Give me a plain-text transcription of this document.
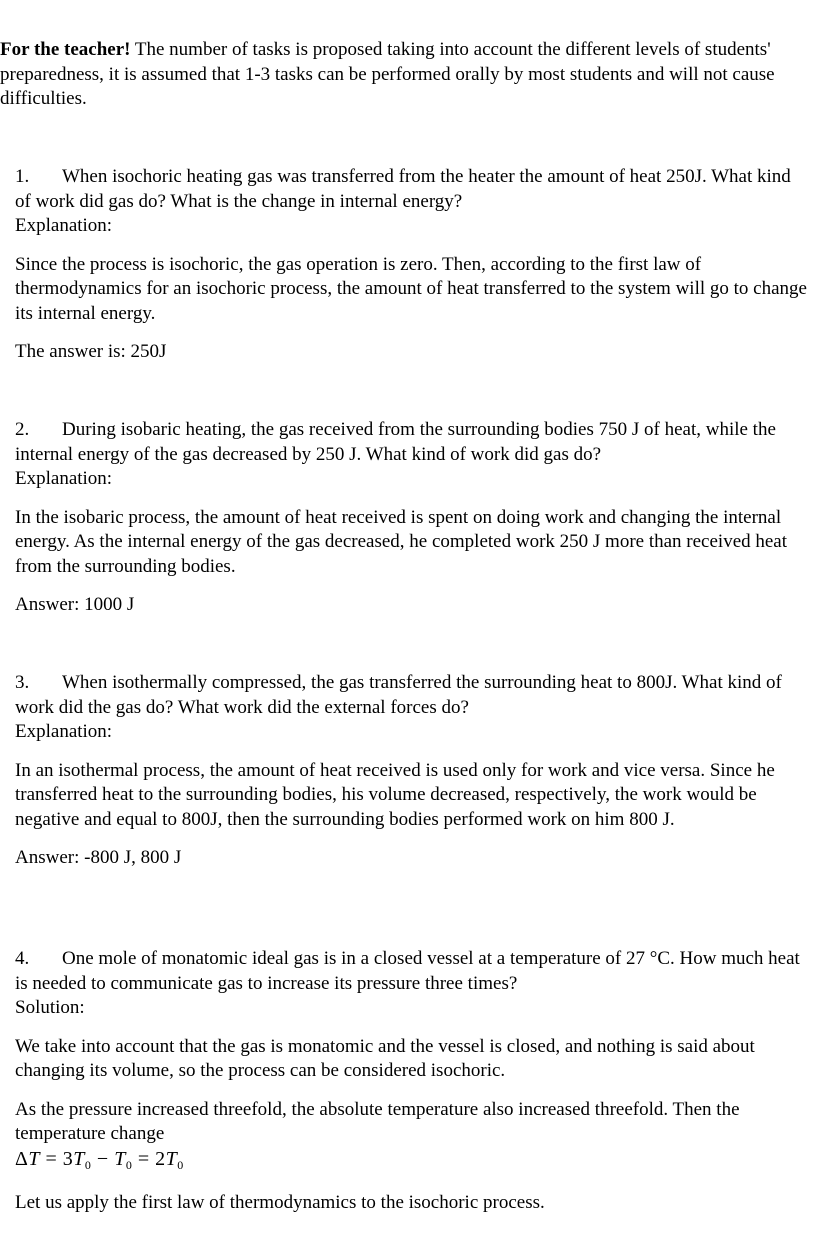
For the teacher! The number of tasks is proposed taking into account the different levels of students' preparedness, it is assumed that 1-3 tasks can be performed orally by most students and will not cause difficulties.

1. When isochoric heating gas was transferred from the heater the amount of heat 250J. What kind of work did gas do? What is the change in internal energy?

Explanation:

Since the process is isochoric, the gas operation is zero. Then, according to the first law of thermodynamics for an isochoric process, the amount of heat transferred to the system will go to change its internal energy.

The answer is: 250J

2. During isobaric heating, the gas received from the surrounding bodies 750 J of heat, while the internal energy of the gas decreased by 250 J. What kind of work did gas do?

Explanation:

In the isobaric process, the amount of heat received is spent on doing work and changing the internal energy. As the internal energy of the gas decreased, he completed work 250 J more than received heat from the surrounding bodies.

Answer: 1000 J

3. When isothermally compressed, the gas transferred the surrounding heat to 800J. What kind of work did the gas do? What work did the external forces do?

Explanation:

In an isothermal process, the amount of heat received is used only for work and vice versa. Since he transferred heat to the surrounding bodies, his volume decreased, respectively, the work would be negative and equal to 800J, then the surrounding bodies performed work on him 800 J.

Answer: -800 J, 800 J

4. One mole of monatomic ideal gas is in a closed vessel at a temperature of 27 °C. How much heat is needed to communicate gas to increase its pressure three times?

Solution:

We take into account that the gas is monatomic and the vessel is closed, and nothing is said about changing its volume, so the process can be considered isochoric.

As the pressure increased threefold, the absolute temperature also increased threefold. Then the temperature change

$\Delta T = 3T_0 - T_0 = 2T_0$

Let us apply the first law of thermodynamics to the isochoric process.
